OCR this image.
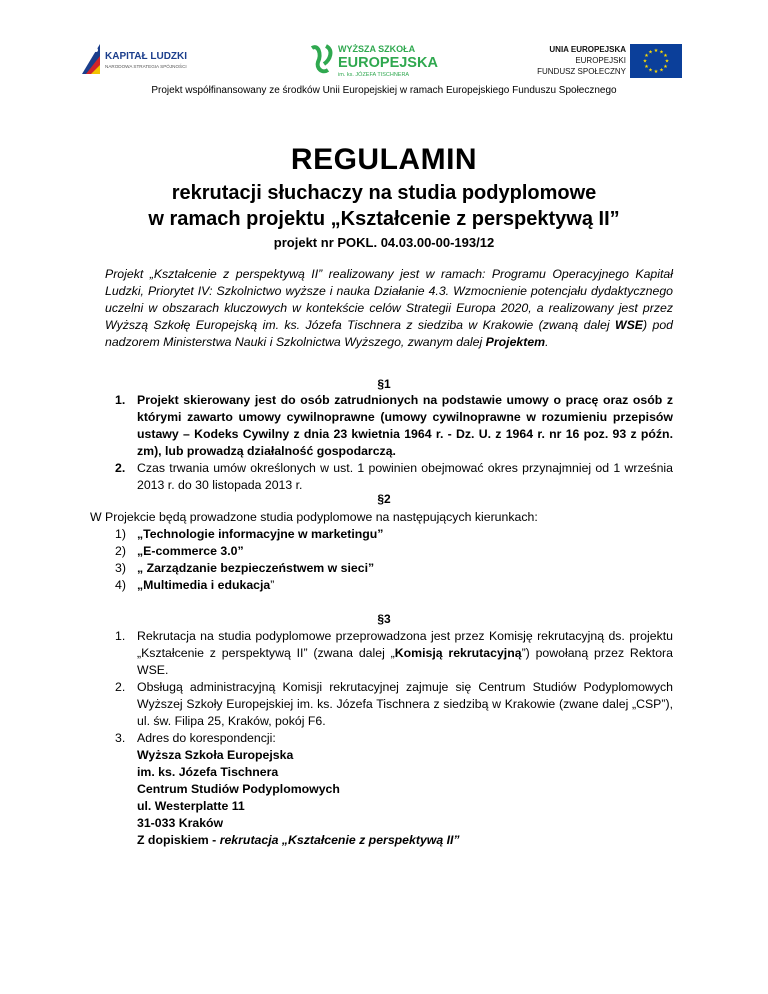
KAPITAŁ LUDZKI
NARODOWA STRATEGIA SPÓJNOŚCI
WYŻSZA SZKOŁA
EUROPEJSKA
im. ks. JÓZEFA TISCHNERA
UNIA EUROPEJSKA
EUROPEJSKI
FUNDUSZ SPOŁECZNY
★ ★
★
★
★
★
★
★
★
★
★
★
Projekt współfinansowany ze środków Unii Europejskiej w ramach Europejskiego Funduszu Społecznego
REGULAMIN
rekrutacji słuchaczy na studia podyplomowe
w ramach projektu „Kształcenie z perspektywą II”
projekt nr POKL. 04.03.00-00-193/12
Projekt „Kształcenie z perspektywą II” realizowany jest w ramach: Programu Operacyjnego Kapitał Ludzki, Priorytet IV: Szkolnictwo wyższe i nauka Działanie 4.3. Wzmocnienie potencjału dydaktycznego uczelni w obszarach kluczowych w kontekście celów Strategii Europa 2020, a realizowany jest przez Wyższą Szkołę Europejską im. ks. Józefa Tischnera z siedziba w Krakowie (zwaną dalej WSE) pod nadzorem Ministerstwa Nauki i Szkolnictwa Wyższego, zwanym dalej Projektem.
§1
1. Projekt skierowany jest do osób zatrudnionych na podstawie umowy o pracę oraz osób z którymi zawarto umowy cywilnoprawne (umowy cywilnoprawne w rozumieniu przepisów ustawy – Kodeks Cywilny z dnia 23 kwietnia 1964 r. - Dz. U. z 1964 r. nr 16 poz. 93 z późn. zm), lub prowadzą działalność gospodarczą.
2. Czas trwania umów określonych w ust. 1 powinien obejmować okres przynajmniej od 1 września 2013 r. do 30 listopada 2013 r.
§2
W Projekcie będą prowadzone studia podyplomowe na następujących kierunkach:
1) „Technologie informacyjne w marketingu”
2) „E-commerce 3.0”
3) „ Zarządzanie bezpieczeństwem w sieci”
4) „Multimedia i edukacja”
§3
1. Rekrutacja na studia podyplomowe przeprowadzona jest przez Komisję rekrutacyjną ds. projektu „Kształcenie z perspektywą II” (zwana dalej „Komisją rekrutacyjną”) powołaną przez Rektora WSE.
2. Obsługą administracyjną Komisji rekrutacyjnej zajmuje się Centrum Studiów Podyplomowych Wyższej Szkoły Europejskiej im. ks. Józefa Tischnera z siedzibą w Krakowie (zwane dalej „CSP”), ul. św. Filipa 25, Kraków, pokój F6.
3. Adres do korespondencji:
Wyższa Szkoła Europejska
im. ks. Józefa Tischnera
Centrum Studiów Podyplomowych
ul. Westerplatte 11
31-033 Kraków
Z dopiskiem - rekrutacja „Kształcenie z perspektywą II”
